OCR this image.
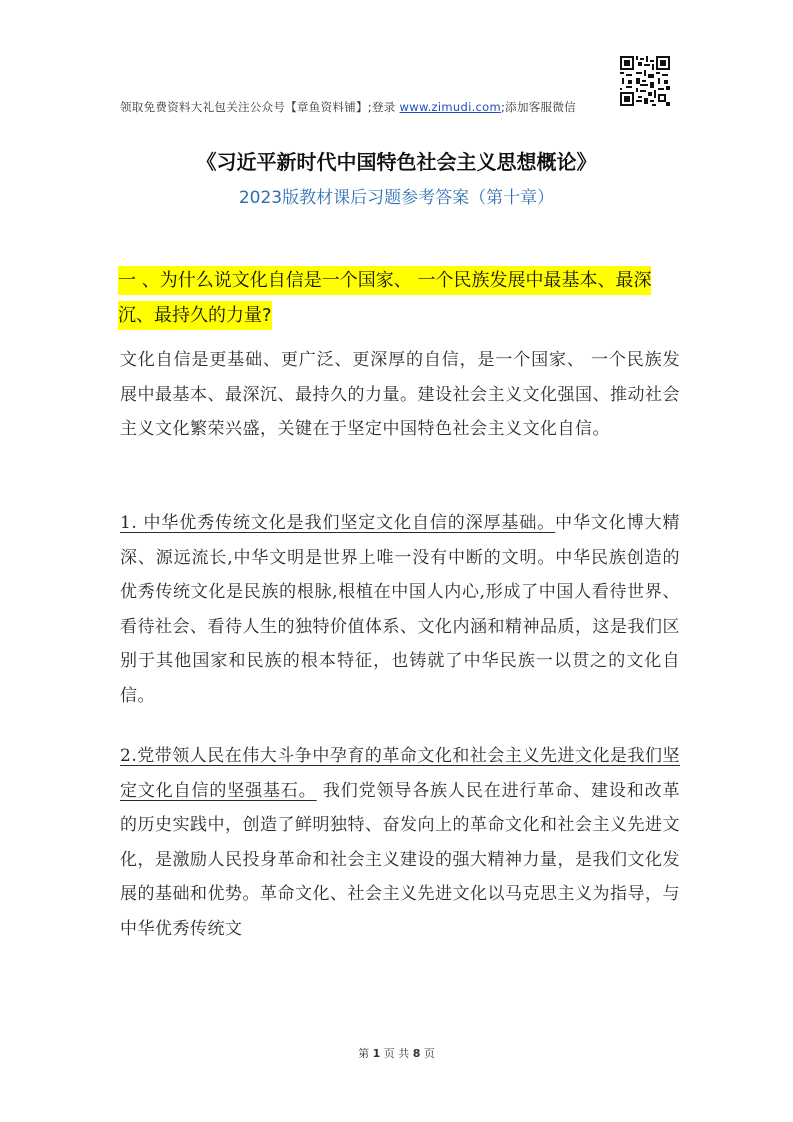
领取免费资料大礼包关注公众号【章鱼资料铺】;登录 www.zimudi.com;添加客服微信
《习近平新时代中国特色社会主义思想概论》
2023版教材课后习题参考答案（第十章）
一 、为什么说文化自信是一个国家、 一个民族发展中最基本、最深沉、最持久的力量?
文化自信是更基础、更广泛、更深厚的自信，是一个国家、 一个民族发展中最基本、最深沉、最持久的力量。建设社会主义文化强国、推动社会主义文化繁荣兴盛，关键在于坚定中国特色社会主义文化自信。
1. 中华优秀传统文化是我们坚定文化自信的深厚基础。中华文化博大精深、源远流长,中华文明是世界上唯一没有中断的文明。中华民族创造的优秀传统文化是民族的根脉,根植在中国人内心,形成了中国人看待世界、看待社会、看待人生的独特价值体系、文化内涵和精神品质，这是我们区别于其他国家和民族的根本特征，也铸就了中华民族一以贯之的文化自信。
2.党带领人民在伟大斗争中孕育的革命文化和社会主义先进文化是我们坚定文化自信的坚强基石。 我们党领导各族人民在进行革命、建设和改革的历史实践中，创造了鲜明独特、奋发向上的革命文化和社会主义先进文化，是激励人民投身革命和社会主义建设的强大精神力量，是我们文化发展的基础和优势。革命文化、社会主义先进文化以马克思主义为指导，与中华优秀传统文
第 1 页 共 8 页
